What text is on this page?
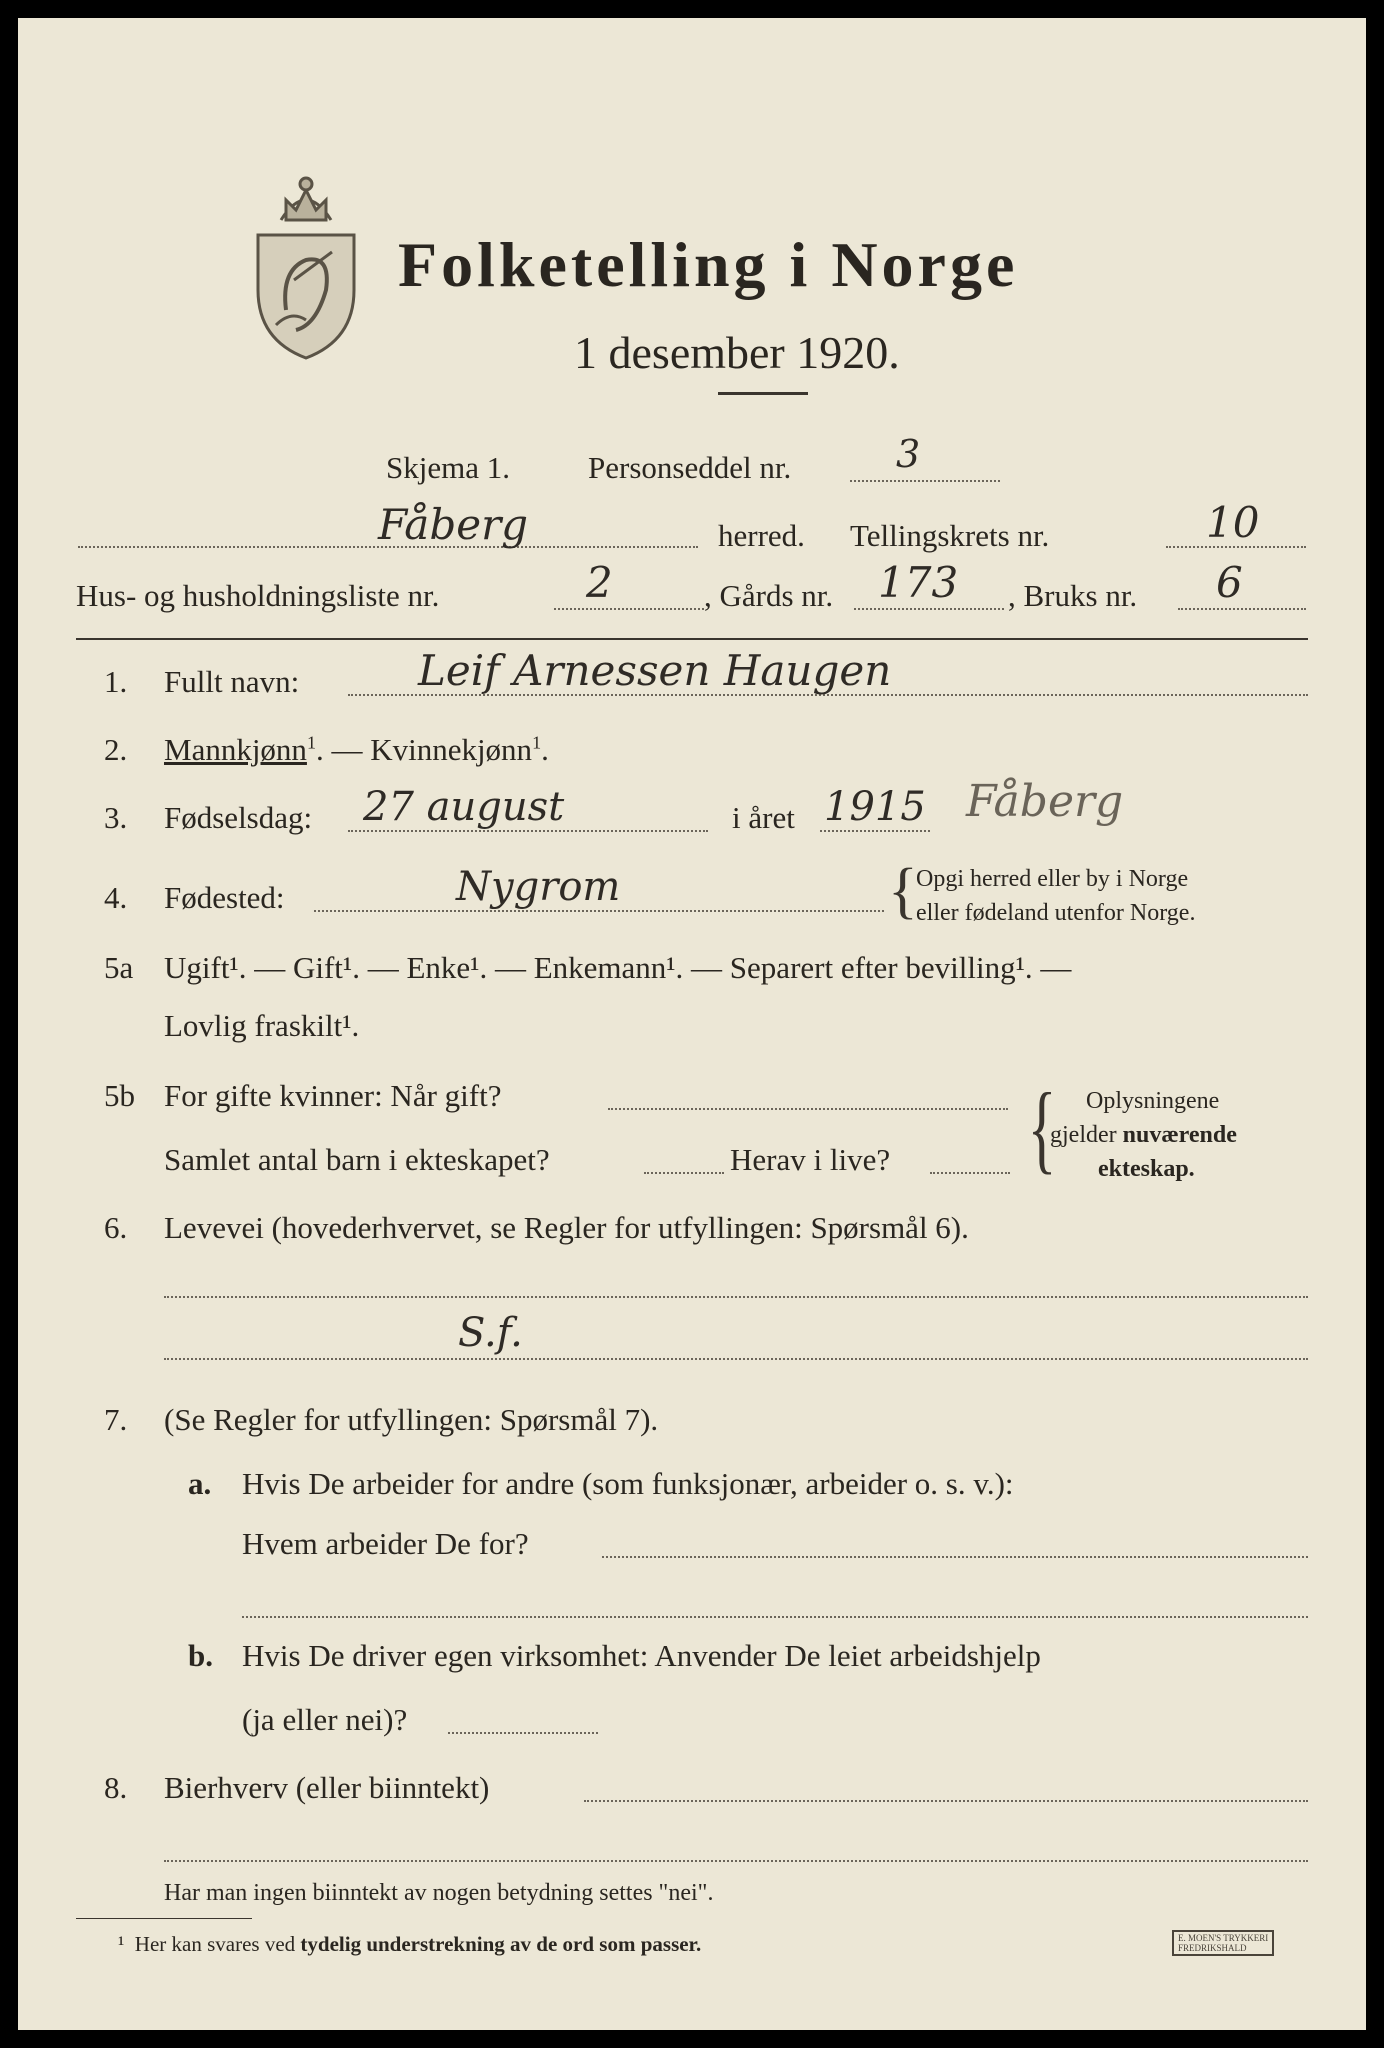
Folketelling i Norge
1 desember 1920.
Skjema 1.	Personseddel nr.	3
Fåberg	herred. Tellingskrets nr.	10
Hus- og husholdningsliste nr.	2	, Gårds nr. 173 , Bruks nr. 6
1. Fullt navn:	Leif Arnessen Haugen
2. Mannkjønn$^1$. — Kvinnekjønn$^1$.
3. Fødselsdag: 27 august	i året 1915 Fåberg
4. Fødested:	Nygrom	{
Opgi herred eller by i Norge
eller fødeland utenfor Norge.
5a Ugift¹. — Gift¹. — Enke¹. — Enkemann¹. — Separert efter bevilling¹. —
Lovlig fraskilt¹.
5b For gifte kvinner: Når gift?
Samlet antal barn i ekteskapet?	Herav i live? { Oplysningene
gjelder nuværende
ekteskap.
6. Levevei (hovederhvervet, se Regler for utfyllingen: Spørsmål 6).
S.f.
7. (Se Regler for utfyllingen: Spørsmål 7).
a. Hvis De arbeider for andre (som funksjonær, arbeider o. s. v.):
Hvem arbeider De for?
b. Hvis De driver egen virksomhet: Anvender De leiet arbeidshjelp
(ja eller nei)?
8. Bierhverv (eller biinntekt)
Har man ingen biinntekt av nogen betydning settes "nei".
¹ Her kan svares ved tydelig understrekning av de ord som passer.	E. MOEN'S TRYKKERI
FREDRIKSHALD
